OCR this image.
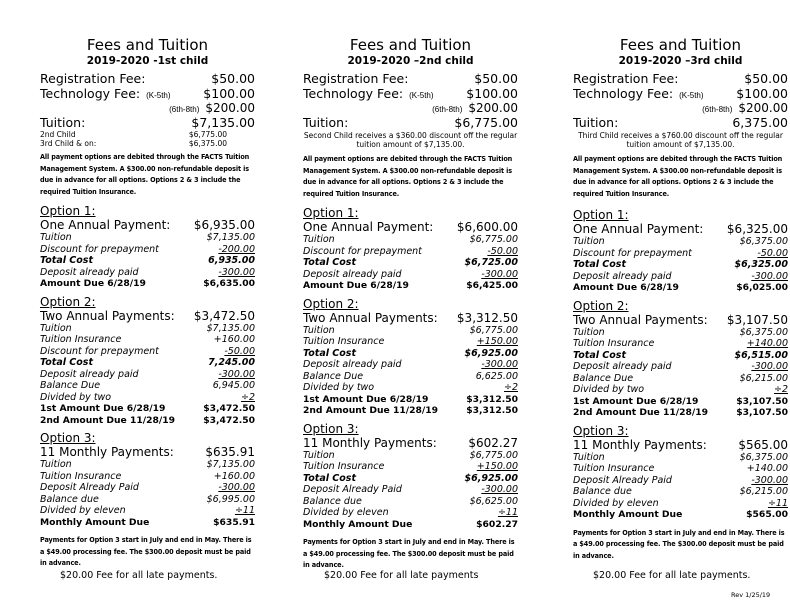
Fees and Tuition
2019-2020 -1st child
Registration Fee:	$50.00
Technology Fee: (K-5th)	$100.00
(6th-8th) $200.00
Tuition:	$7,135.00
2nd Child	$6,775.00
3rd Child & on:	$6,375.00
All payment options are debited through the FACTS Tuition Management System. A $300.00 non-refundable deposit is due in advance for all options. Options 2 & 3 include the required Tuition Insurance.
Option 1:
One Annual Payment: $6,935.00
Tuition	$7,135.00
Discount for prepayment	-200.00
Total Cost	6,935.00
Deposit already paid	-300.00
Amount Due 6/28/19	$6,635.00
Option 2:
Two Annual Payments: $3,472.50
Tuition	$7,135.00
Tuition Insurance	+160.00
Discount for prepayment	-50.00
Total Cost	7,245.00
Deposit already paid	-300.00
Balance Due	6,945.00
Divided by two	÷2
1st Amount Due 6/28/19	$3,472.50
2nd Amount Due 11/28/19	$3,472.50
Option 3:
11 Monthly Payments:	$635.91
Tuition	$7,135.00
Tuition Insurance	+160.00
Deposit Already Paid	-300.00
Balance due	$6,995.00
Divided by eleven	÷11
Monthly Amount Due	$635.91
Payments for Option 3 start in July and end in May. There is a $49.00 processing fee. The $300.00 deposit must be paid in advance.
Fees and Tuition
2019-2020 –2nd child
Registration Fee:	$50.00
Technology Fee: (K-5th)	$100.00
(6th-8th) $200.00
Tuition:	$6,775.00
Second Child receives a $360.00 discount off the regular tuition amount of $7,135.00.
All payment options are debited through the FACTS Tuition Management System. A $300.00 non-refundable deposit is due in advance for all options. Options 2 & 3 include the required Tuition Insurance.
Option 1:
One Annual Payment: $6,600.00
Tuition	$6,775.00
Discount for prepayment	-50.00
Total Cost	$6,725.00
Deposit already paid	-300.00
Amount Due 6/28/19	$6,425.00
Option 2:
Two Annual Payments: $3,312.50
Tuition	$6,775.00
Tuition Insurance	+150.00
Total Cost	$6,925.00
Deposit already paid	-300.00
Balance Due	6,625.00
Divided by two	÷2
1st Amount Due 6/28/19	$3,312.50
2nd Amount Due 11/28/19	$3,312.50
Option 3:
11 Monthly Payments:	$602.27
Tuition	$6,775.00
Tuition Insurance	+150.00
Total Cost	$6,925.00
Deposit Already Paid	-300.00
Balance due	$6,625.00
Divided by eleven	÷11
Monthly Amount Due	$602.27
Payments for Option 3 start in July and end in May. There is a $49.00 processing fee. The $300.00 deposit must be paid in advance.
Fees and Tuition
2019-2020 –3rd child
Registration Fee:	$50.00
Technology Fee: (K-5th)	$100.00
(6th-8th) $200.00
Tuition:	6,375.00
Third Child receives a $760.00 discount off the regular tuition amount of $7,135.00.
All payment options are debited through the FACTS Tuition Management System. A $300.00 non-refundable deposit is due in advance for all options. Options 2 & 3 include the required Tuition Insurance.
Option 1:
One Annual Payment: $6,325.00
Tuition	$6,375.00
Discount for prepayment	-50.00
Total Cost	$6,325.00
Deposit already paid	-300.00
Amount Due 6/28/19	$6,025.00
Option 2:
Two Annual Payments: $3,107.50
Tuition	$6,375.00
Tuition Insurance	+140.00
Total Cost	$6,515.00
Deposit already paid	-300.00
Balance Due	$6,215.00
Divided by two	÷2
1st Amount Due 6/28/19	$3,107.50
2nd Amount Due 11/28/19	$3,107.50
Option 3:
11 Monthly Payments:	$565.00
Tuition	$6,375.00
Tuition Insurance	+140.00
Deposit Already Paid	-300.00
Balance due	$6,215.00
Divided by eleven	÷11
Monthly Amount Due	$565.00
Payments for Option 3 start in July and end in May. There is a $49.00 processing fee. The $300.00 deposit must be paid in advance.
$20.00 Fee for all late payments.	$20.00 Fee for all late payments	$20.00 Fee for all late payments.
Rev 1/25/19
